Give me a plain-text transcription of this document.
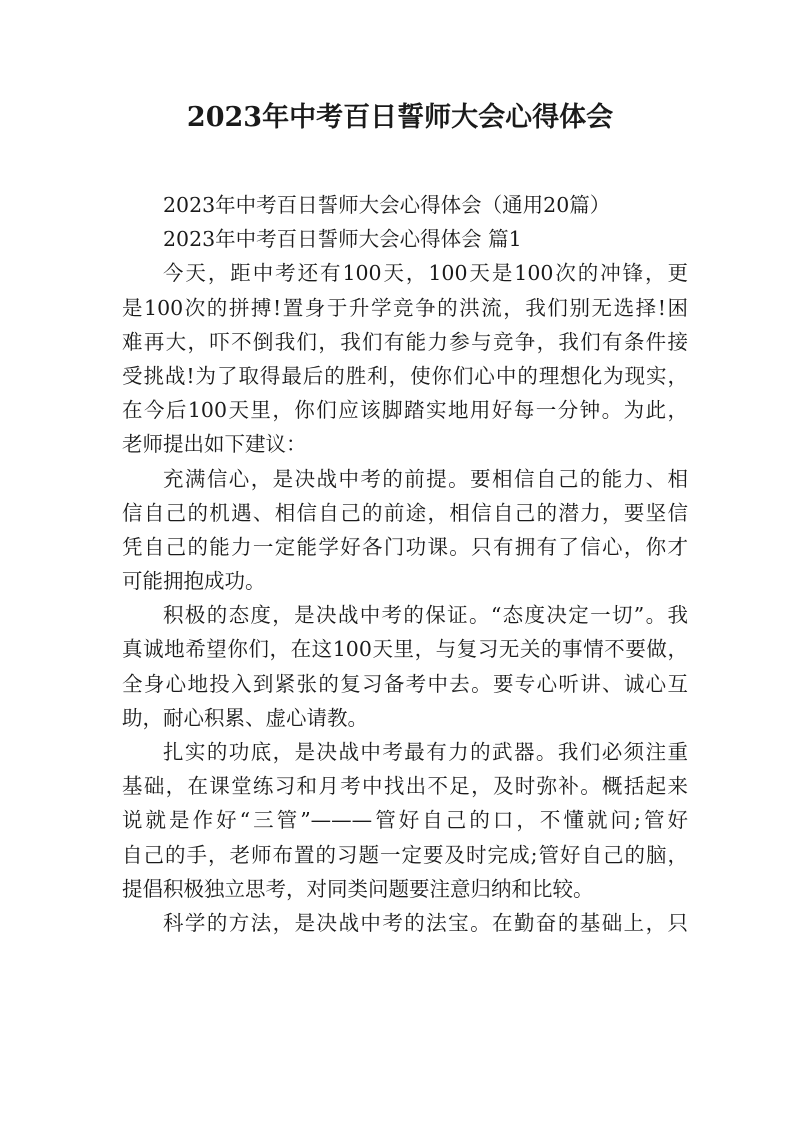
2023年中考百日誓师大会心得体会
2023年中考百日誓师大会心得体会（通用20篇）
2023年中考百日誓师大会心得体会 篇1
今天，距中考还有100天，100天是100次的冲锋，更
是100次的拼搏!置身于升学竞争的洪流，我们别无选择!困
难再大，吓不倒我们，我们有能力参与竞争，我们有条件接
受挑战!为了取得最后的胜利，使你们心中的理想化为现实，
在今后100天里，你们应该脚踏实地用好每一分钟。为此，
老师提出如下建议：
充满信心，是决战中考的前提。要相信自己的能力、相
信自己的机遇、相信自己的前途，相信自己的潜力，要坚信
凭自己的能力一定能学好各门功课。只有拥有了信心，你才
可能拥抱成功。
积极的态度，是决战中考的保证。“态度决定一切”。我
真诚地希望你们，在这100天里，与复习无关的事情不要做，
全身心地投入到紧张的复习备考中去。要专心听讲、诚心互
助，耐心积累、虚心请教。
扎实的功底，是决战中考最有力的武器。我们必须注重
基础，在课堂练习和月考中找出不足，及时弥补。概括起来
说就是作好“三管”———管好自己的口，不懂就问;管好
自己的手，老师布置的习题一定要及时完成;管好自己的脑，
提倡积极独立思考，对同类问题要注意归纳和比较。
科学的方法，是决战中考的法宝。在勤奋的基础上，只
